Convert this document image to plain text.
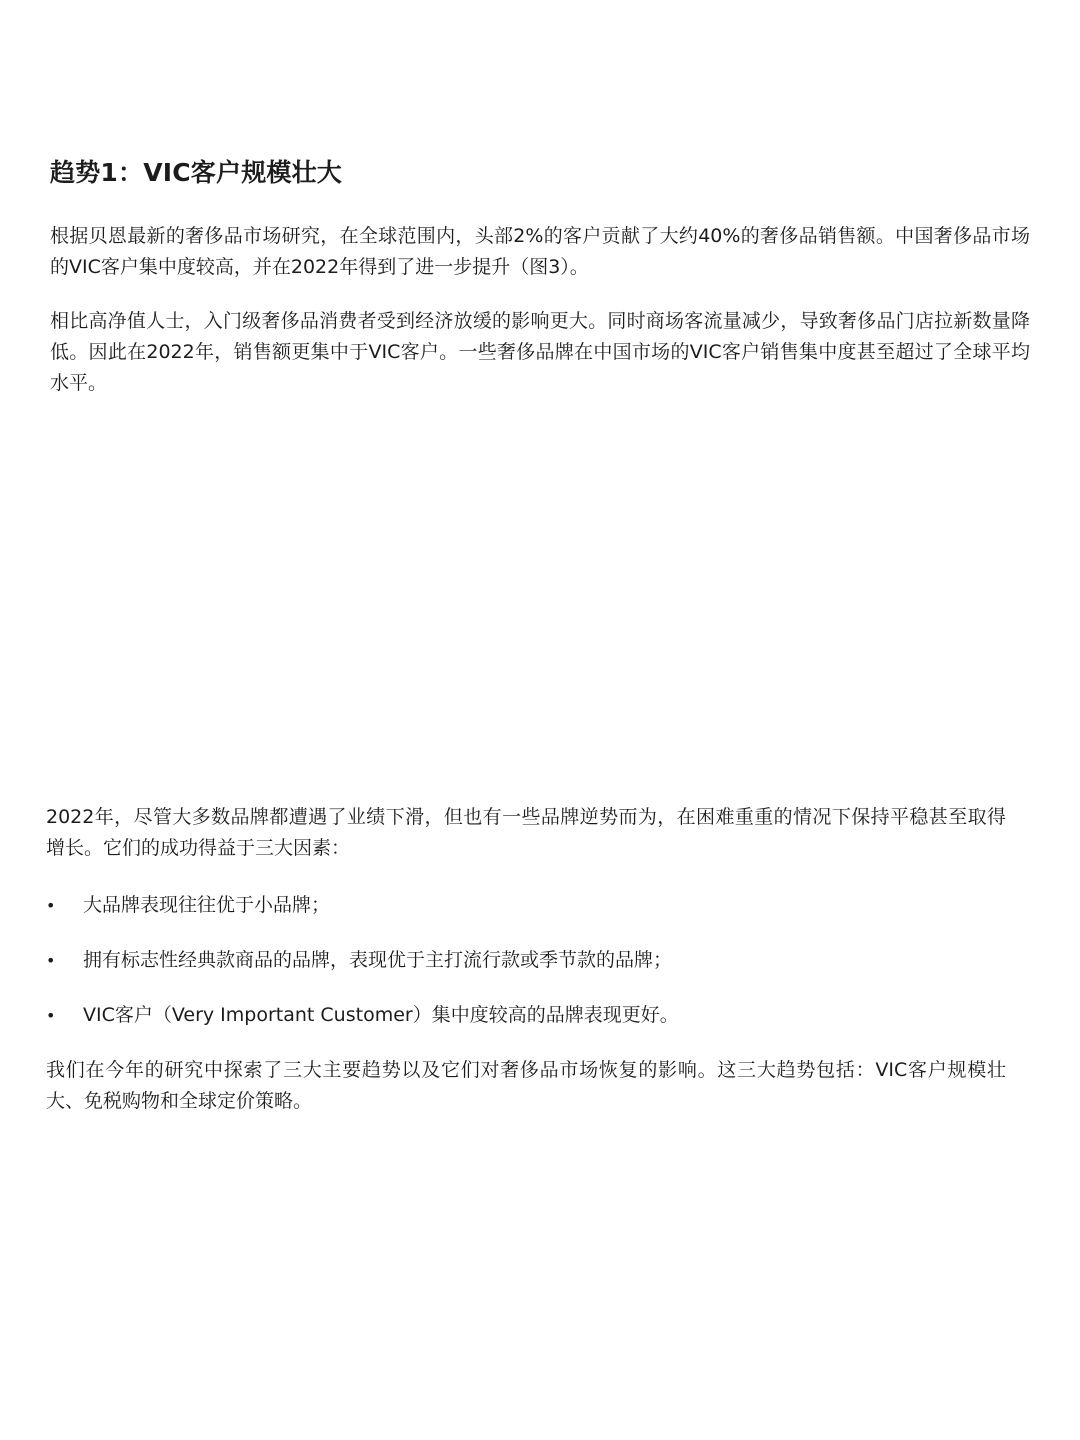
趋势1：VIC客户规模壮大

根据贝恩最新的奢侈品市场研究，在全球范围内，头部2%的客户贡献了大约40%的奢侈品销售额。中国奢侈品市场的VIC客户集中度较高，并在2022年得到了进一步提升（图3）。

相比高净值人士，入门级奢侈品消费者受到经济放缓的影响更大。同时商场客流量减少，导致奢侈品门店拉新数量降低。因此在2022年，销售额更集中于VIC客户。一些奢侈品牌在中国市场的VIC客户销售集中度甚至超过了全球平均水平。

2022年，尽管大多数品牌都遭遇了业绩下滑，但也有一些品牌逆势而为，在困难重重的情况下保持平稳甚至取得增长。它们的成功得益于三大因素：

• 大品牌表现往往优于小品牌；
• 拥有标志性经典款商品的品牌，表现优于主打流行款或季节款的品牌；
• VIC客户（Very Important Customer）集中度较高的品牌表现更好。

我们在今年的研究中探索了三大主要趋势以及它们对奢侈品市场恢复的影响。这三大趋势包括：VIC客户规模壮大、免税购物和全球定价策略。
